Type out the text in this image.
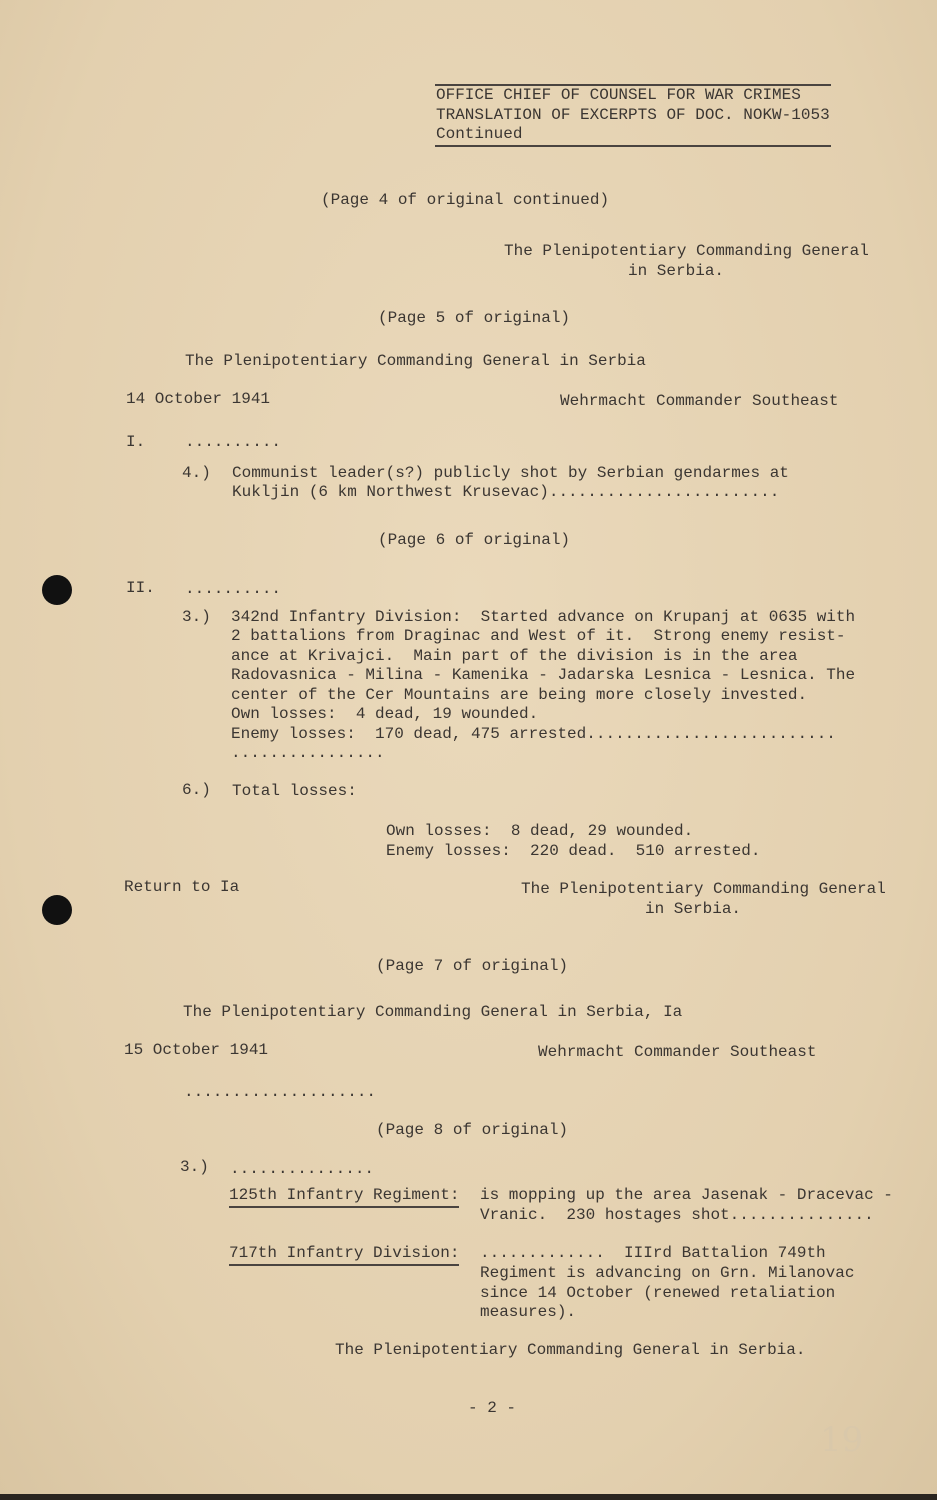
OFFICE CHIEF OF COUNSEL FOR WAR CRIMES
TRANSLATION OF EXCERPTS OF DOC. NOKW-1053
Continued
(Page 4 of original continued)
The Plenipotentiary Commanding General
in Serbia.
(Page 5 of original)
The Plenipotentiary Commanding General in Serbia
14 October 1941	Wehrmacht Commander Southeast
I. ..........
4.) Communist leader(s?) publicly shot by Serbian gendarmes at
Kukljin (6 km Northwest Krusevac)........................
(Page 6 of original)
II. ..........
3.) 342nd Infantry Division:  Started advance on Krupanj at 0635 with
2 battalions from Draginac and West of it.  Strong enemy resist-
ance at Krivajci.  Main part of the division is in the area
Radovasnica - Milina - Kamenika - Jadarska Lesnica - Lesnica. The
center of the Cer Mountains are being more closely invested.
Own losses:  4 dead, 19 wounded.
Enemy losses:  170 dead, 475 arrested..........................
................
6.) Total losses:
Own losses:  8 dead, 29 wounded.
Enemy losses:  220 dead.  510 arrested.
Return to Ia	The Plenipotentiary Commanding General
in Serbia.
(Page 7 of original)
The Plenipotentiary Commanding General in Serbia, Ia
15 October 1941	Wehrmacht Commander Southeast
....................
(Page 8 of original)
3.) ...............
125th Infantry Regiment: is mopping up the area Jasenak - Dracevac -
Vranic.  230 hostages shot...............
717th Infantry Division: .............  IIIrd Battalion 749th
Regiment is advancing on Grn. Milanovac
since 14 October (renewed retaliation
measures).
The Plenipotentiary Commanding General in Serbia.
- 2 -
19
